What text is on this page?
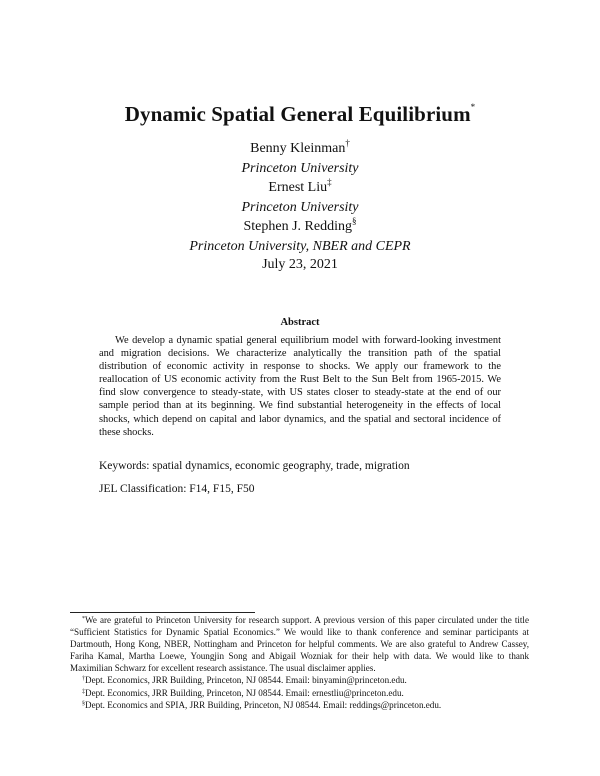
Dynamic Spatial General Equilibrium*
Benny Kleinman†
Princeton University
Ernest Liu‡
Princeton University
Stephen J. Redding§
Princeton University, NBER and CEPR
July 23, 2021
Abstract

We develop a dynamic spatial general equilibrium model with forward-looking investment and migration decisions. We characterize analytically the transition path of the spatial distribution of economic activity in response to shocks. We apply our framework to the reallocation of US economic activity from the Rust Belt to the Sun Belt from 1965-2015. We find slow convergence to steady-state, with US states closer to steady-state at the end of our sample period than at its beginning. We find substantial heterogeneity in the effects of local shocks, which depend on capital and labor dynamics, and the spatial and sectoral incidence of these shocks.

Keywords: spatial dynamics, economic geography, trade, migration
JEL Classification: F14, F15, F50

*We are grateful to Princeton University for research support. A previous version of this paper circulated under the title “Sufficient Statistics for Dynamic Spatial Economics.” We would like to thank conference and seminar participants at Dartmouth, Hong Kong, NBER, Nottingham and Princeton for helpful comments. We are also grateful to Andrew Cassey, Fariha Kamal, Martha Loewe, Youngjin Song and Abigail Wozniak for their help with data. We would like to thank Maximilian Schwarz for excellent research assistance. The usual disclaimer applies.

†Dept. Economics, JRR Building, Princeton, NJ 08544. Email: binyamin@princeton.edu.

‡Dept. Economics, JRR Building, Princeton, NJ 08544. Email: ernestliu@princeton.edu.

§Dept. Economics and SPIA, JRR Building, Princeton, NJ 08544. Email: reddings@princeton.edu.
